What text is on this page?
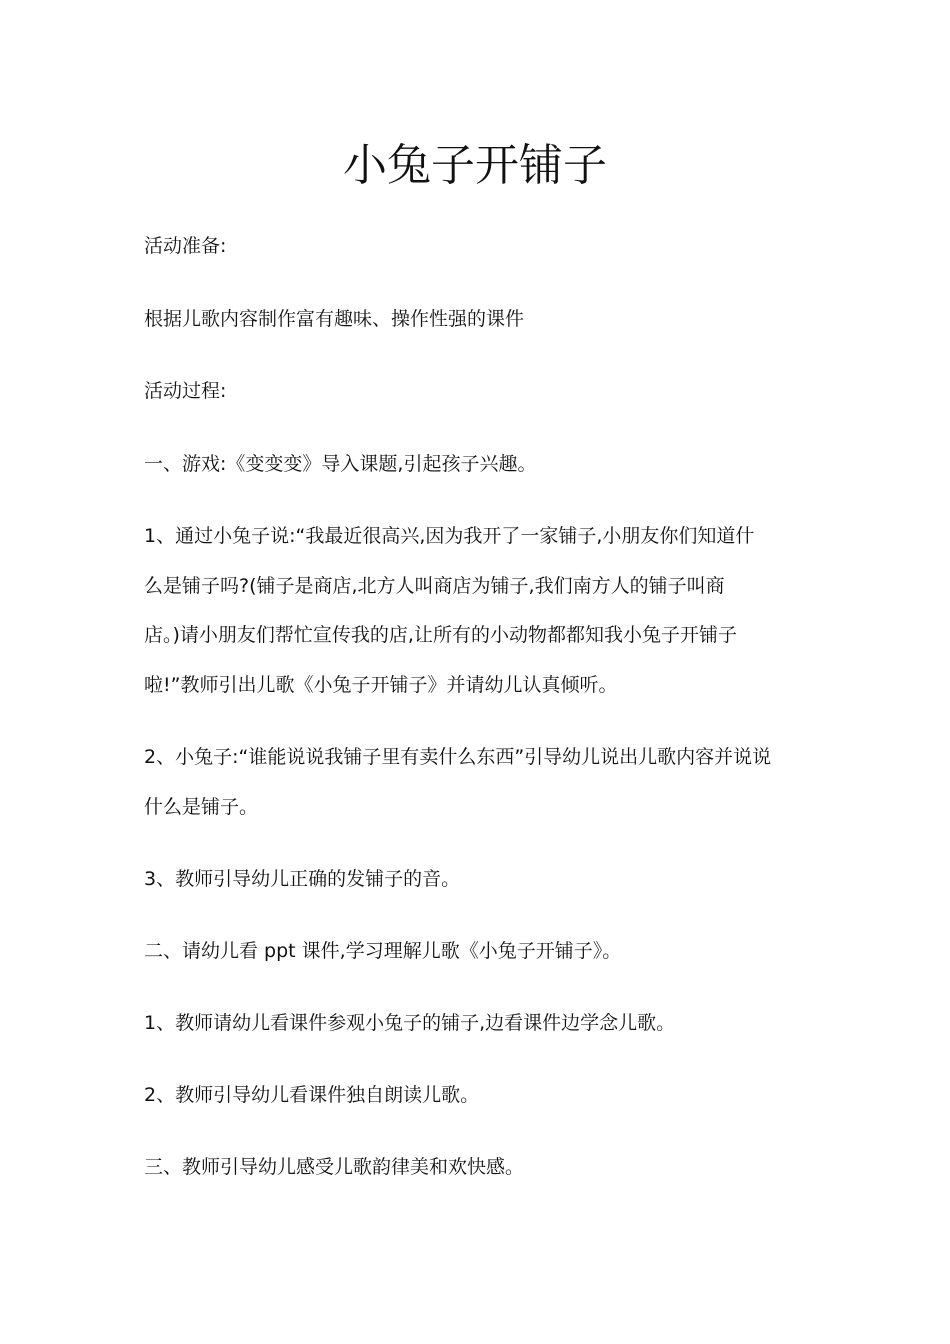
小兔子开铺子

活动准备:

根据儿歌内容制作富有趣味、操作性强的课件

活动过程:

一、游戏:《变变变》导入课题,引起孩子兴趣。

1、通过小兔子说:“我最近很高兴,因为我开了一家铺子,小朋友你们知道什

么是铺子吗?(铺子是商店,北方人叫商店为铺子,我们南方人的铺子叫商

店。)请小朋友们帮忙宣传我的店,让所有的小动物都都知我小兔子开铺子

啦!”教师引出儿歌《小兔子开铺子》并请幼儿认真倾听。

2、小兔子:“谁能说说我铺子里有卖什么东西”引导幼儿说出儿歌内容并说说

什么是铺子。

3、教师引导幼儿正确的发铺子的音。

二、请幼儿看 ppt 课件,学习理解儿歌《小兔子开铺子》。

1、教师请幼儿看课件参观小兔子的铺子,边看课件边学念儿歌。

2、教师引导幼儿看课件独自朗读儿歌。

三、教师引导幼儿感受儿歌韵律美和欢快感。
